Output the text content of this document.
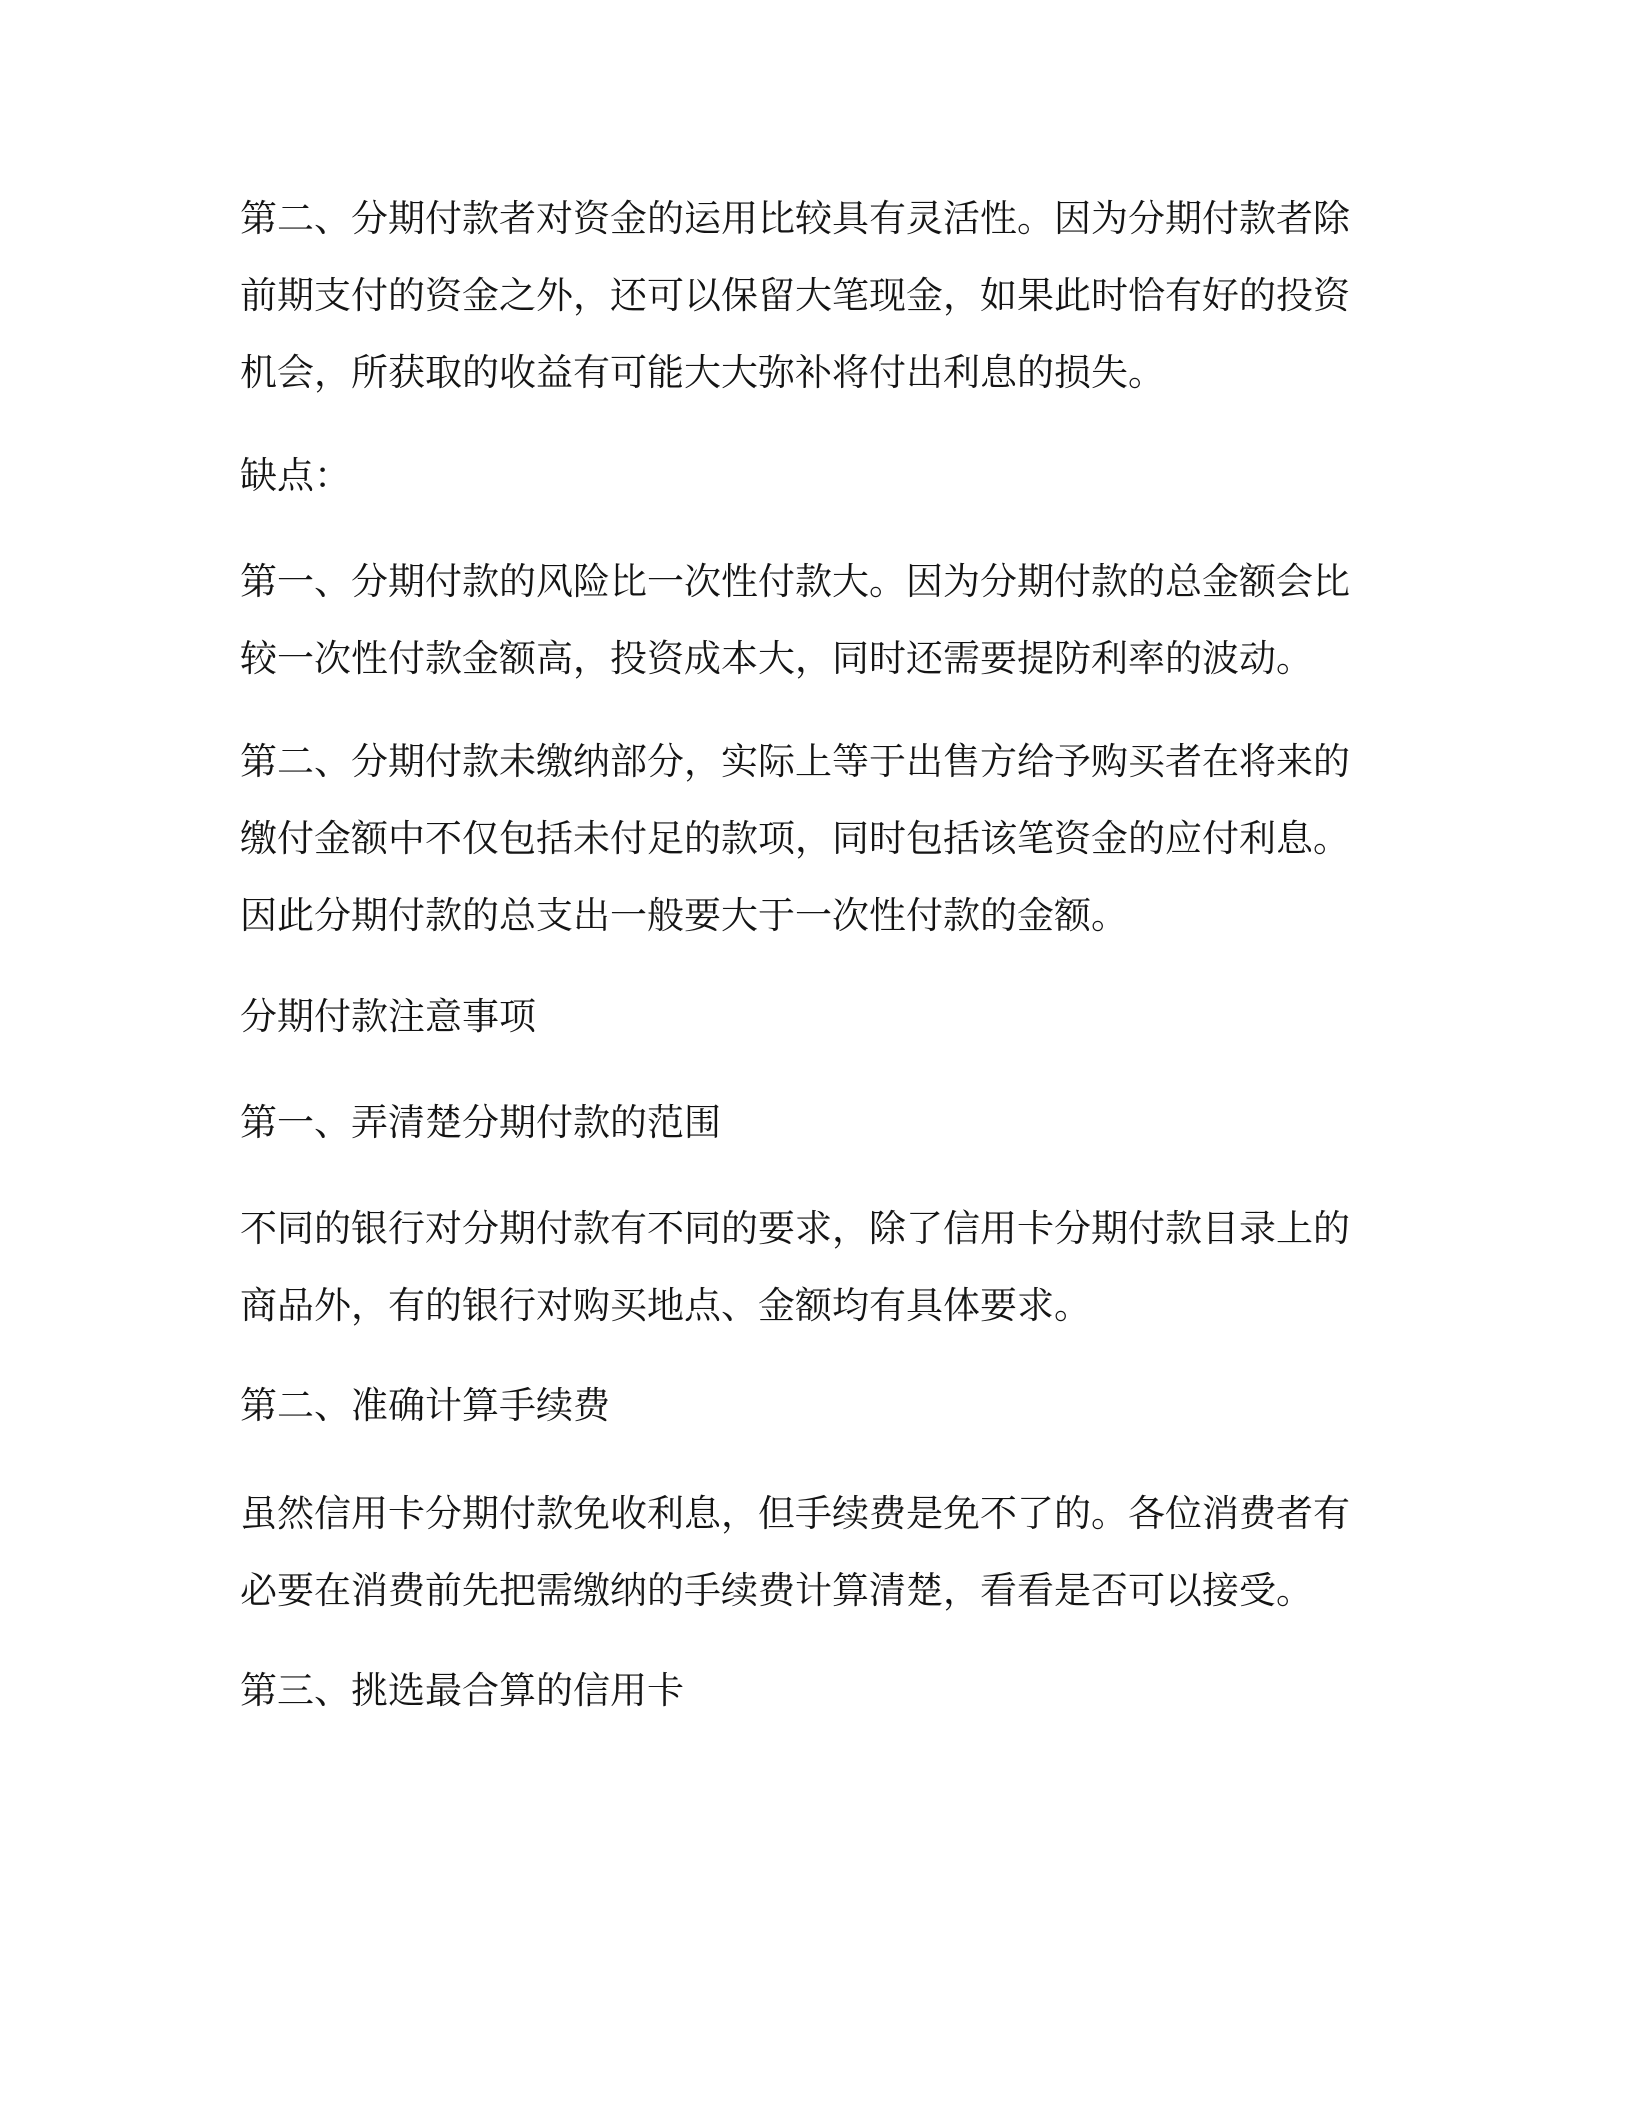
第二、分期付款者对资金的运用比较具有灵活性。因为分期付款者除
前期支付的资金之外，还可以保留大笔现金，如果此时恰有好的投资
机会，所获取的收益有可能大大弥补将付出利息的损失。

缺点：

第一、分期付款的风险比一次性付款大。因为分期付款的总金额会比
较一次性付款金额高，投资成本大，同时还需要提防利率的波动。

第二、分期付款未缴纳部分，实际上等于出售方给予购买者在将来的
缴付金额中不仅包括未付足的款项，同时包括该笔资金的应付利息。
因此分期付款的总支出一般要大于一次性付款的金额。

分期付款注意事项

第一、弄清楚分期付款的范围

不同的银行对分期付款有不同的要求，除了信用卡分期付款目录上的
商品外，有的银行对购买地点、金额均有具体要求。

第二、准确计算手续费

虽然信用卡分期付款免收利息，但手续费是免不了的。各位消费者有
必要在消费前先把需缴纳的手续费计算清楚，看看是否可以接受。

第三、挑选最合算的信用卡
